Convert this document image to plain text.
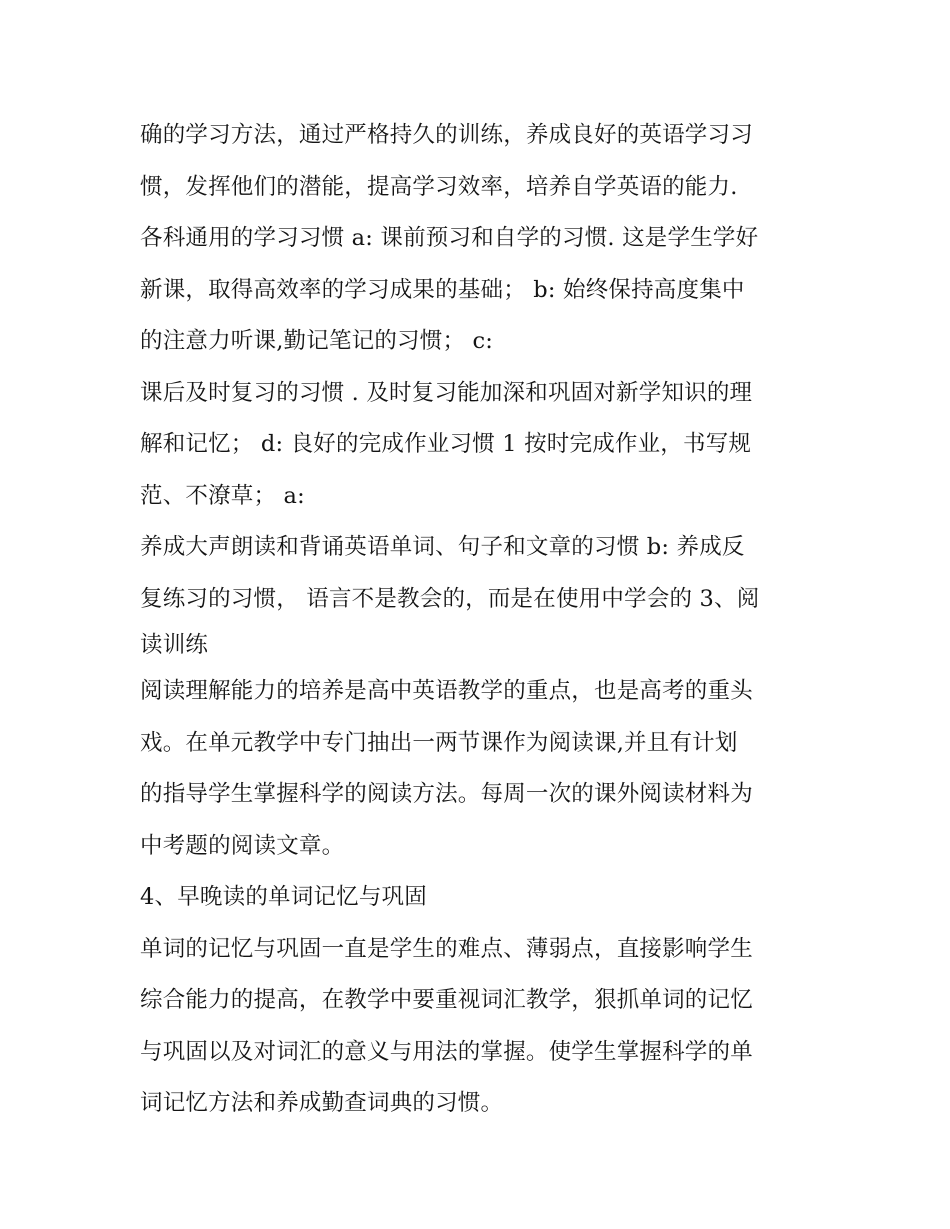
确的学习方法，通过严格持久的训练，养成良好的英语学习习
惯，发挥他们的潜能，提高学习效率，培养自学英语的能力.
各科通用的学习习惯 a: 课前预习和自学的习惯. 这是学生学好
新课，取得高效率的学习成果的基础； b: 始终保持高度集中
的注意力听课,勤记笔记的习惯； c:
课后及时复习的习惯 . 及时复习能加深和巩固对新学知识的理
解和记忆； d: 良好的完成作业习惯 1 按时完成作业，书写规
范、不潦草； a:
养成大声朗读和背诵英语单词、句子和文章的习惯 b: 养成反
复练习的习惯， 语言不是教会的，而是在使用中学会的 3、阅
读训练
阅读理解能力的培养是高中英语教学的重点，也是高考的重头
戏。在单元教学中专门抽出一两节课作为阅读课,并且有计划
的指导学生掌握科学的阅读方法。每周一次的课外阅读材料为
中考题的阅读文章。
4、早晚读的单词记忆与巩固
单词的记忆与巩固一直是学生的难点、薄弱点，直接影响学生
综合能力的提高，在教学中要重视词汇教学，狠抓单词的记忆
与巩固以及对词汇的意义与用法的掌握。使学生掌握科学的单
词记忆方法和养成勤查词典的习惯。
